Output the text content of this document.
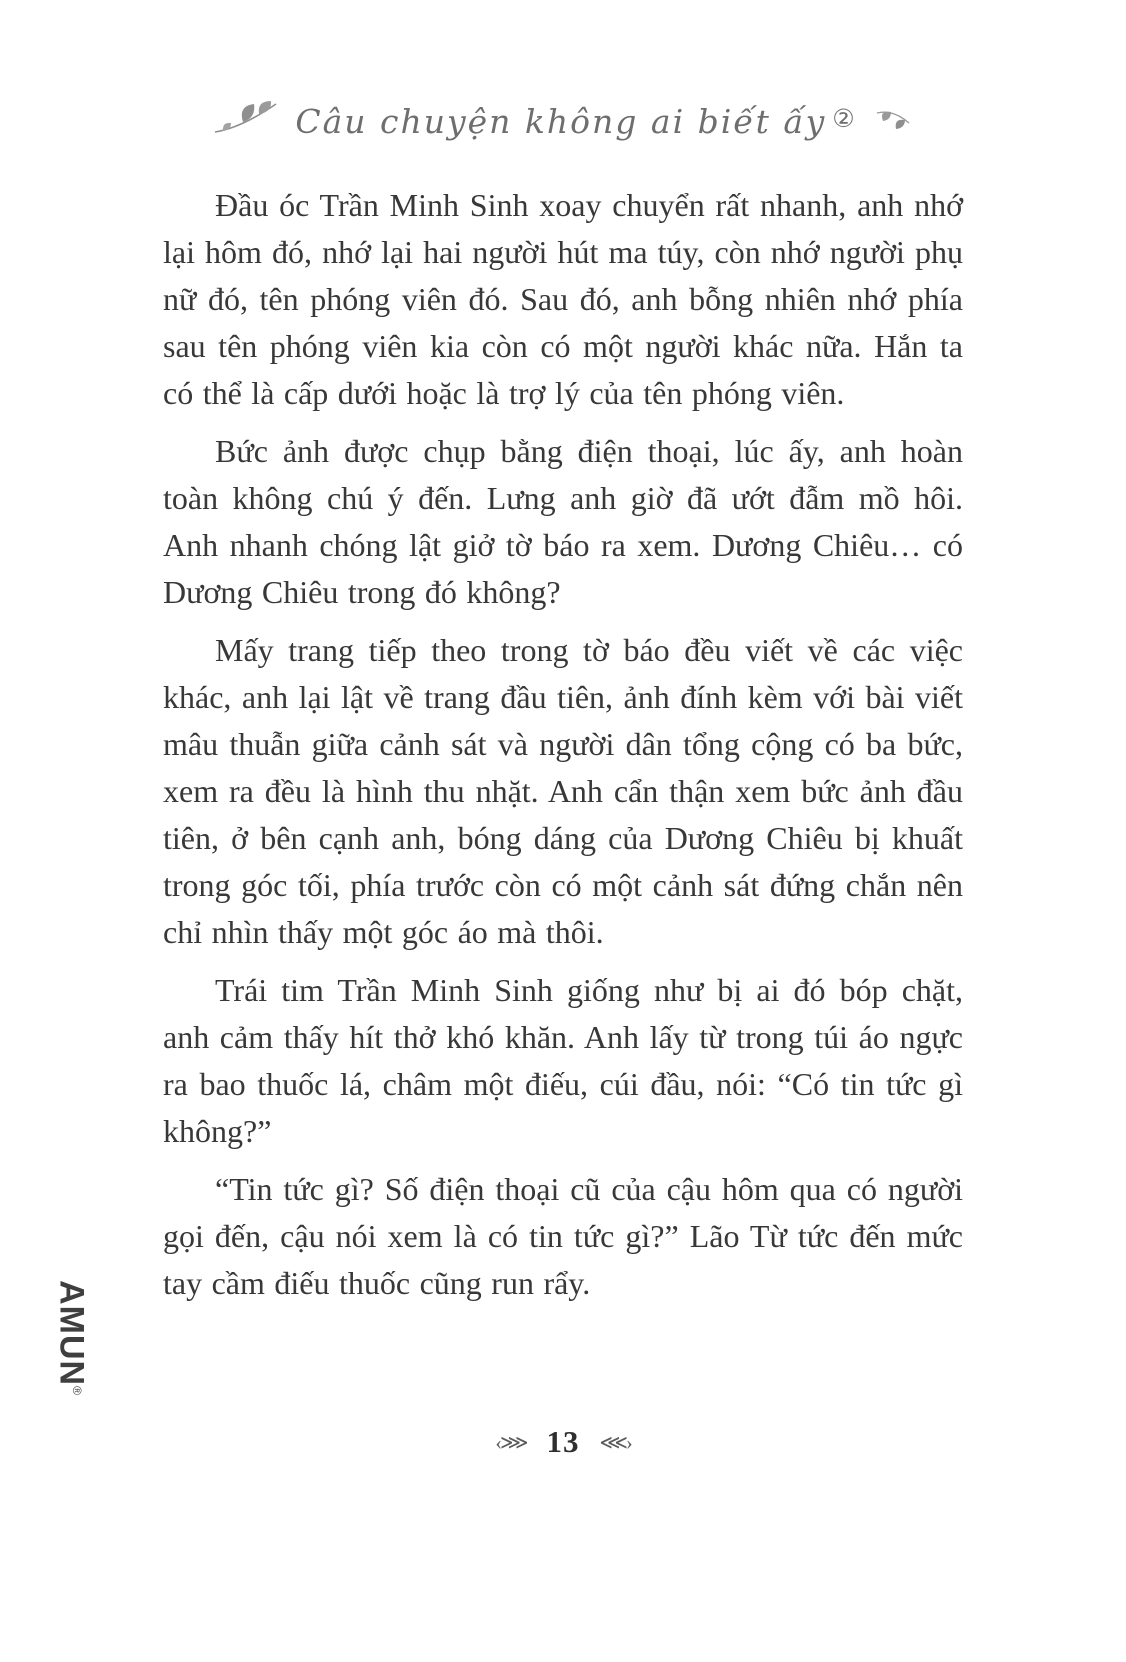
Câu chuyện không ai biết ấy ②

Đầu óc Trần Minh Sinh xoay chuyển rất nhanh, anh nhớ lại hôm đó, nhớ lại hai người hút ma túy, còn nhớ người phụ nữ đó, tên phóng viên đó. Sau đó, anh bỗng nhiên nhớ phía sau tên phóng viên kia còn có một người khác nữa. Hắn ta có thể là cấp dưới hoặc là trợ lý của tên phóng viên.

Bức ảnh được chụp bằng điện thoại, lúc ấy, anh hoàn toàn không chú ý đến. Lưng anh giờ đã ướt đẫm mồ hôi. Anh nhanh chóng lật giở tờ báo ra xem. Dương Chiêu… có Dương Chiêu trong đó không?

Mấy trang tiếp theo trong tờ báo đều viết về các việc khác, anh lại lật về trang đầu tiên, ảnh đính kèm với bài viết mâu thuẫn giữa cảnh sát và người dân tổng cộng có ba bức, xem ra đều là hình thu nhặt. Anh cẩn thận xem bức ảnh đầu tiên, ở bên cạnh anh, bóng dáng của Dương Chiêu bị khuất trong góc tối, phía trước còn có một cảnh sát đứng chắn nên chỉ nhìn thấy một góc áo mà thôi.

Trái tim Trần Minh Sinh giống như bị ai đó bóp chặt, anh cảm thấy hít thở khó khăn. Anh lấy từ trong túi áo ngực ra bao thuốc lá, châm một điếu, cúi đầu, nói: “Có tin tức gì không?”

“Tin tức gì? Số điện thoại cũ của cậu hôm qua có người gọi đến, cậu nói xem là có tin tức gì?” Lão Từ tức đến mức tay cầm điếu thuốc cũng run rẩy.

‹⋙ 13 ⋘›
AMUN®
